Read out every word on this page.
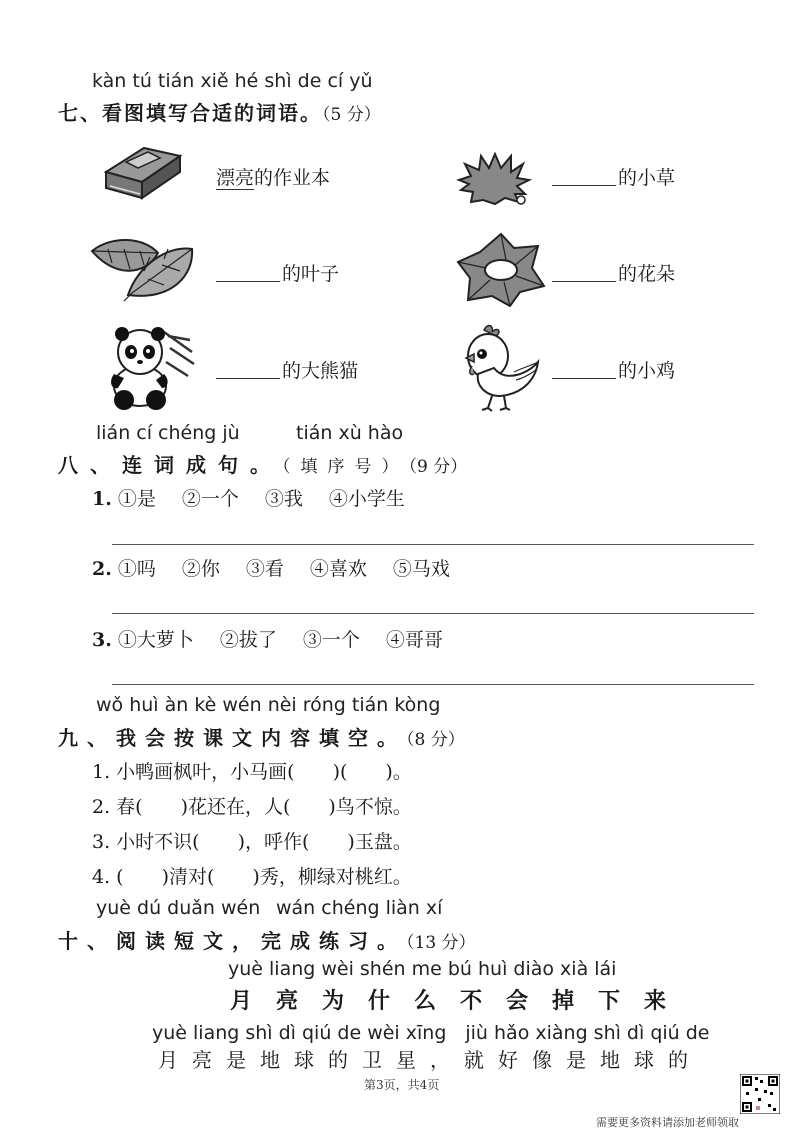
kàn tú tián xiě hé shì de cí yǔ
七、看图填写合适的词语。（5 分）
漂亮的作业本	的小草
的叶子	的花朵
的大熊猫	的小鸡
lián cí chéng jù	tián xù hào
八、连词成句。（填序号）（9 分）
1. ①是 ②一个 ③我 ④小学生
2. ①吗 ②你 ③看 ④喜欢 ⑤马戏
3. ①大萝卜 ②拔了 ③一个 ④哥哥
wǒ huì àn kè wén nèi róng tián kòng
九、我会按课文内容填空。（8 分）
1. 小鸭画枫叶，小马画(　　)(　　)。
2. 春(　　)花还在，人(　　)鸟不惊。
3. 小时不识(　　)，呼作(　　)玉盘。
4. (　　)清对(　　)秀，柳绿对桃红。
yuè dú duǎn wén wán chéng liàn xí
十、阅读短文，完成练习。（13 分）
yuè liang wèi shén me bú huì diào xià lái
月亮为什么不会掉下来
yuè liang shì dì qiú de wèi xīng　jiù hǎo xiàng shì dì qiú de
月亮是地球的卫星，就好像是地球的
第3页，共4页
需要更多资料请添加老师领取
